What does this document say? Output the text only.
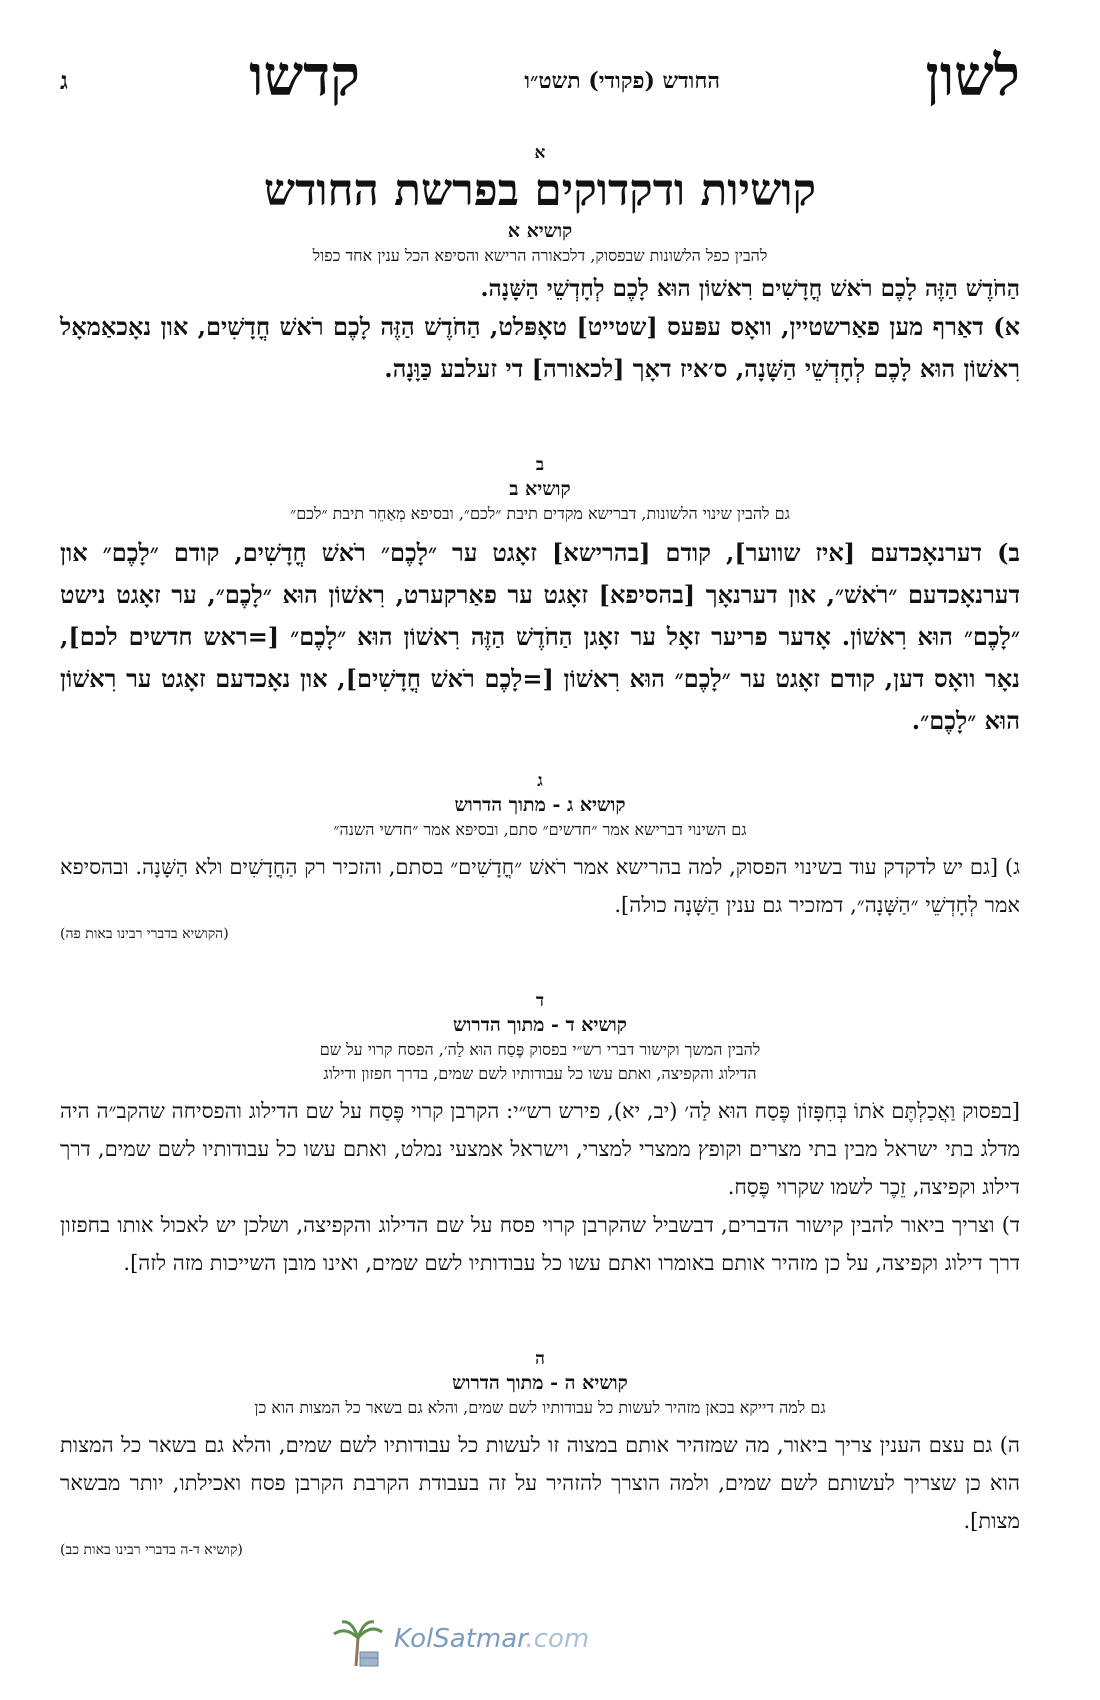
לשון
החודש (פקודי) תשט״ו
קדשו
ג
א
קושיות ודקדוקים בפרשת החודש
קושיא א
להבין כפל הלשונות שבפסוק, דלכאורה הרישא והסיפא הכל ענין אחד כפול
הַחֹדֶשׁ הַזֶּה לָכֶם רֹאשׁ חֳדָשִׁים רִאשׁוֹן הוּא לָכֶם לְחָדְשֵׁי הַשָּׁנָה.
א) דאַרף מען פאַרשטיין, וואָס עפּעס [שטייט] טאָפּלט, הַחֹדֶשׁ הַזֶּה לָכֶם רֹאשׁ חֳדָשִׁים, און נאָכאַמאָל רִאשׁוֹן הוּא לָכֶם לְחָדְשֵׁי הַשָּׁנָה, ס׳איז דאָך [לכאורה] די זעלבע כַּוָּנָה.
ב
קושיא ב
גם להבין שינוי הלשונות, דברישא מקדים תיבת ״לכם״, ובסיפא מְאַחֵר תיבת ״לכם״
ב) דערנאָכדעם [איז שווער], קודם [בהרישא] זאָגט ער ״לָכֶם״ רֹאשׁ חֳדָשִׁים, קודם ״לָכֶם״ און דערנאָכדעם ״רֹאשׁ״, און דערנאָך [בהסיפא] זאָגט ער פאַרקערט, רִאשׁוֹן הוּא ״לָכֶם״, ער זאָגט נישט ״לָכֶם״ הוּא רִאשׁוֹן. אָדער פריער זאָל ער זאָגן הַחֹדֶשׁ הַזֶּה רִאשׁוֹן הוּא ״לָכֶם״ [=ראש חדשים לכם], נאָר וואָס דען, קודם זאָגט ער ״לָכֶם״ הוּא רִאשׁוֹן [=לָכֶם רֹאשׁ חֳדָשִׁים], און נאָכדעם זאָגט ער רִאשׁוֹן הוּא ״לָכֶם״.
ג
קושיא ג - מתוך הדרוש
גם השינוי דברישא אמר ״חדשים״ סתם, ובסיפא אמר ״חדשי השנה״
ג) [גם יש לדקדק עוד בשינוי הפסוק, למה בהרישא אמר רֹאשׁ ״חֳדָשִׁים״ בסתם, והזכיר רק הַחֳדָשִׁים ולא הַשָּׁנָה. ובהסיפא אמר לְחָדְשֵׁי ״הַשָּׁנָה״, דמזכיר גם ענין הַשָּׁנָה כולה].
(הקושיא בדברי רבינו באות פה)
ד
קושיא ד - מתוך הדרוש
להבין המשך וקישור דברי רש״י בפסוק פֶּסַח הוּא לַה׳, הפסח קרוי על שם
הדילוג והקפיצה, ואתם עשו כל עבודותיו לשם שמים, בדרך חפזון ודילוג
[בפסוק וַאֲכַלְתֶּם אֹתוֹ בְּחִפָּזוֹן פֶּסַח הוּא לַה׳ (יב, יא), פירש רש״י: הקרבן קרוי פֶּסַח על שם הדילוג והפסיחה שהקב״ה היה מדלג בתי ישראל מבין בתי מצרים וקופץ ממצרי למצרי, וישראל אמצעי נמלט, ואתם עשו כל עבודותיו לשם שמים, דרך דילוג וקפיצה, זֵכֶר לשמו שקרוי פֶּסַח.
ד) וצריך ביאור להבין קישור הדברים, דבשביל שהקרבן קרוי פסח על שם הדילוג והקפיצה, ושלכן יש לאכול אותו בחפזון דרך דילוג וקפיצה, על כן מזהיר אותם באומרו ואתם עשו כל עבודותיו לשם שמים, ואינו מובן השייכות מזה לזה].
ה
קושיא ה - מתוך הדרוש
גם למה דייקא בכאן מזהיר לעשות כל עבודותיו לשם שמים, והלא גם בשאר כל המצות הוא כן
ה) גם עצם הענין צריך ביאור, מה שמזהיר אותם במצוה זו לעשות כל עבודותיו לשם שמים, והלא גם בשאר כל המצות הוא כן שצריך לעשותם לשם שמים, ולמה הוצרך להזהיר על זה בעבודת הקרבת הקרבן פסח ואכילתו, יותר מבשאר מצות].
(קושיא ד-ה בדברי רבינו באות כב)
KolSatmar.com
